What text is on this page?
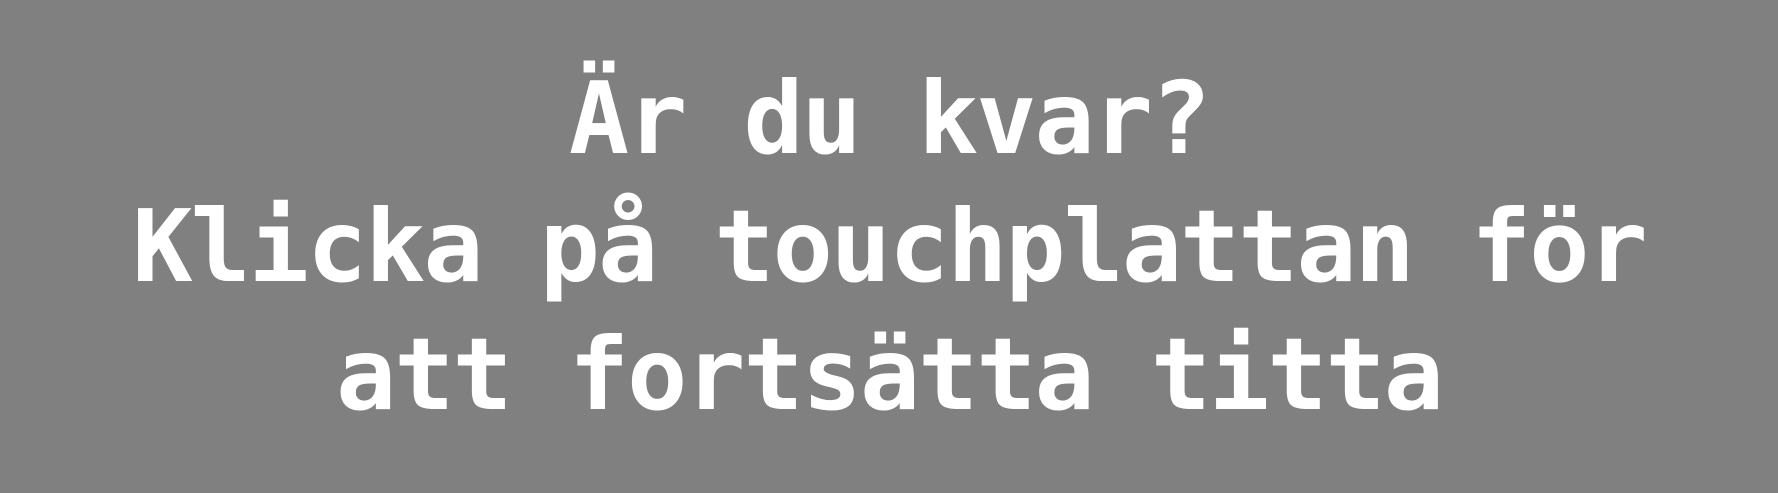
Är du kvar?
Klicka på touchplattan för
att fortsätta titta
